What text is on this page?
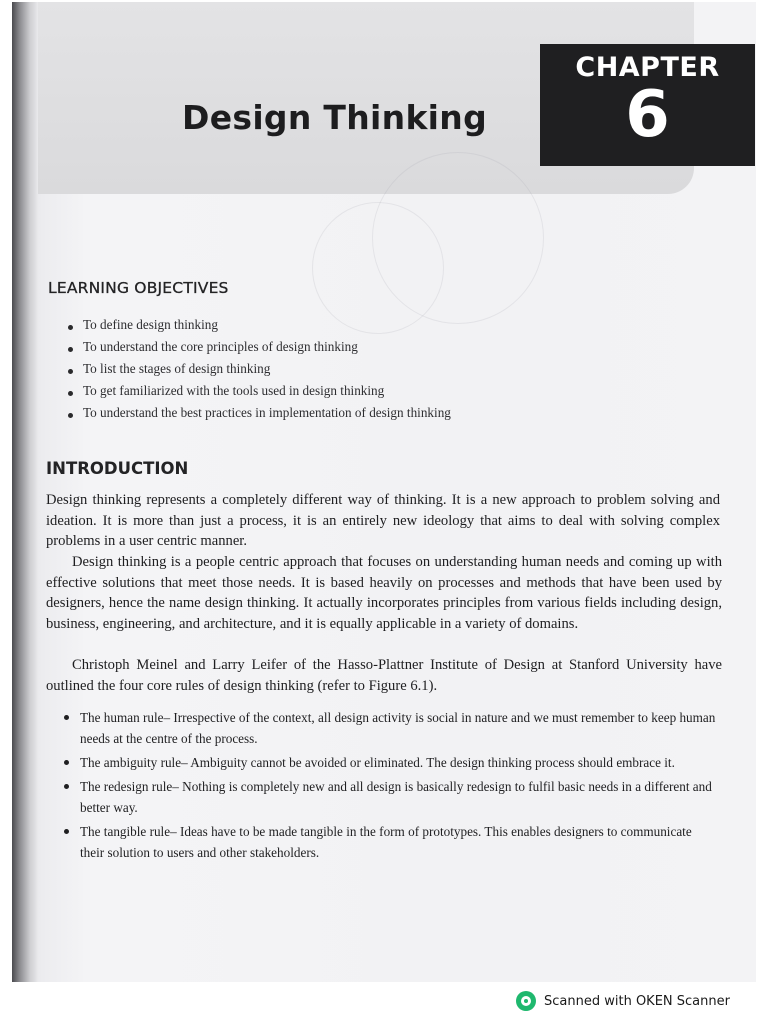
Design Thinking
CHAPTER
6
LEARNING OBJECTIVES
To define design thinking
To understand the core principles of design thinking
To list the stages of design thinking
To get familiarized with the tools used in design thinking
To understand the best practices in implementation of design thinking
INTRODUCTION

Design thinking represents a completely different way of thinking. It is a new approach to problem solving and ideation. It is more than just a process, it is an entirely new ideology that aims to deal with solving complex problems in a user centric manner.

Design thinking is a people centric approach that focuses on understanding human needs and coming up with effective solutions that meet those needs. It is based heavily on processes and methods that have been used by designers, hence the name design thinking. It actually incorporates principles from various fields including design, business, engineering, and architecture, and it is equally applicable in a variety of domains.

Christoph Meinel and Larry Leifer of the Hasso-Plattner Institute of Design at Stanford University have outlined the four core rules of design thinking (refer to Figure 6.1).

The human rule– Irrespective of the context, all design activity is social in nature and we must remember to keep human needs at the centre of the process.
The ambiguity rule– Ambiguity cannot be avoided or eliminated. The design thinking process should embrace it.
The redesign rule– Nothing is completely new and all design is basically redesign to fulfil basic needs in a different and better way.
The tangible rule– Ideas have to be made tangible in the form of prototypes. This enables designers to communicate their solution to users and other stakeholders.
Scanned with OKEN Scanner
